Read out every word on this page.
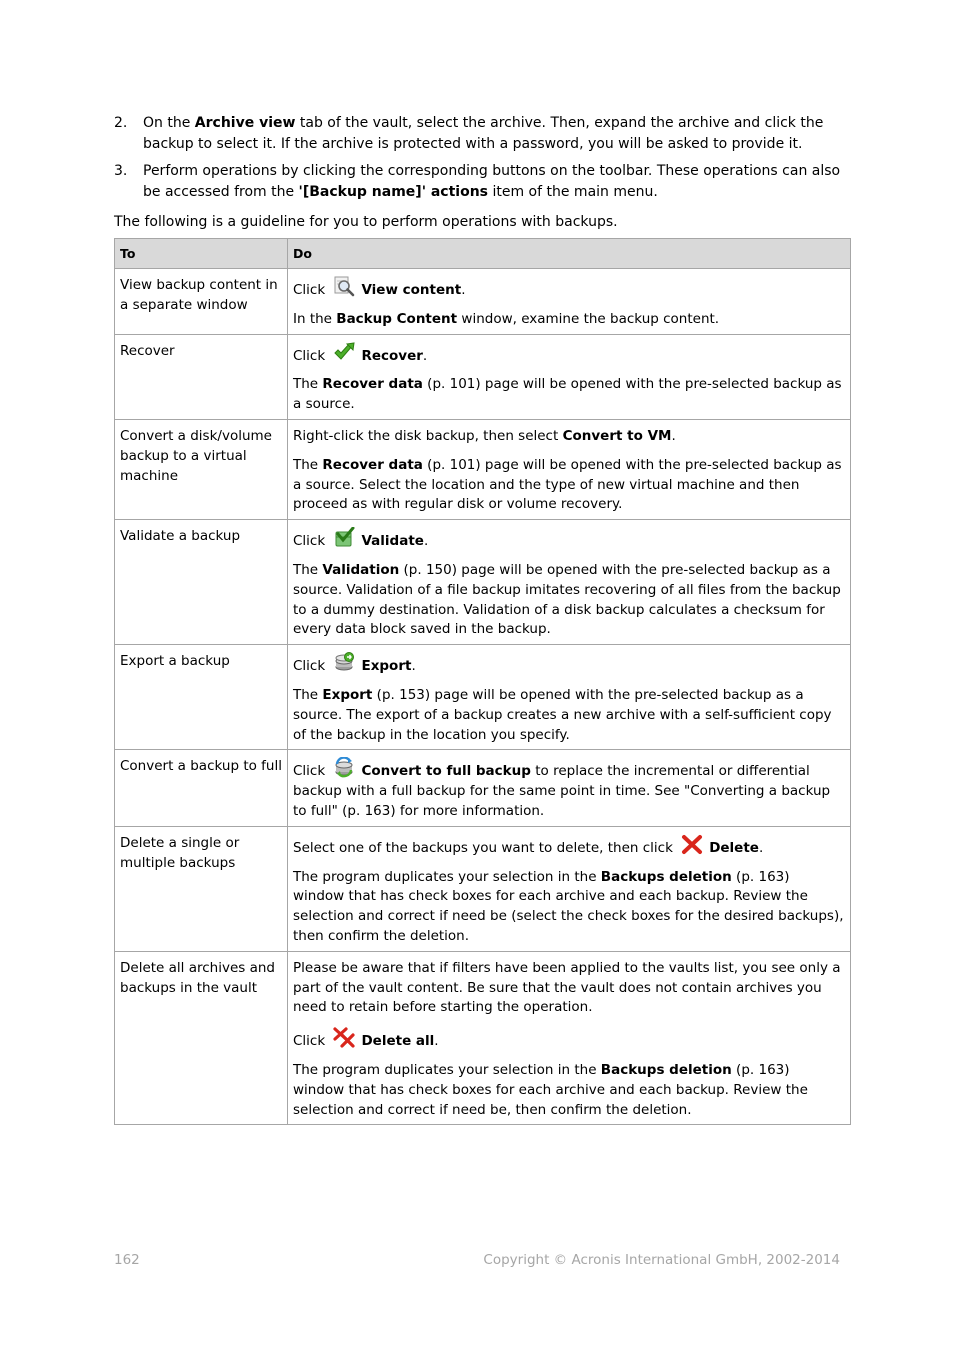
2. On the Archive view tab of the vault, select the archive. Then, expand the archive and click the backup to select it. If the archive is protected with a password, you will be asked to provide it.
3. Perform operations by clicking the corresponding buttons on the toolbar. These operations can also be accessed from the '[Backup name]' actions item of the main menu.

The following is a guideline for you to perform operations with backups.

To	Do
View backup content in a separate window	Click
View content.

In the Backup Content window, examine the backup content.

Recover	Click
Recover.

The Recover data (p. 101) page will be opened with the pre-selected backup as a source.

Convert a disk/volume backup to a virtual machine	Right-click the disk backup, then select Convert to VM.

The Recover data (p. 101) page will be opened with the pre-selected backup as a source. Select the location and the type of new virtual machine and then proceed as with regular disk or volume recovery.

Validate a backup	Click
Validate.

The Validation (p. 150) page will be opened with the pre-selected backup as a source. Validation of a file backup imitates recovering of all files from the backup to a dummy destination. Validation of a disk backup calculates a checksum for every data block saved in the backup.

Export a backup	Click
Export.

The Export (p. 153) page will be opened with the pre-selected backup as a source. The export of a backup creates a new archive with a self-sufficient copy of the backup in the location you specify.

Convert a backup to full	Click
Convert to full backup to replace the incremental or differential backup with a full backup for the same point in time. See "Converting a backup to full" (p. 163) for more information.

Delete a single or multiple backups	Select one of the backups you want to delete, then click
Delete.

The program duplicates your selection in the Backups deletion (p. 163) window that has check boxes for each archive and each backup. Review the selection and correct if need be (select the check boxes for the desired backups), then confirm the deletion.

Delete all archives and backups in the vault	Please be aware that if filters have been applied to the vaults list, you see only a part of the vault content. Be sure that the vault does not contain archives you need to retain before starting the operation.

Click
Delete all.

The program duplicates your selection in the Backups deletion (p. 163) window that has check boxes for each archive and each backup. Review the selection and correct if need be, then confirm the deletion.

162	Copyright © Acronis International GmbH, 2002-2014
